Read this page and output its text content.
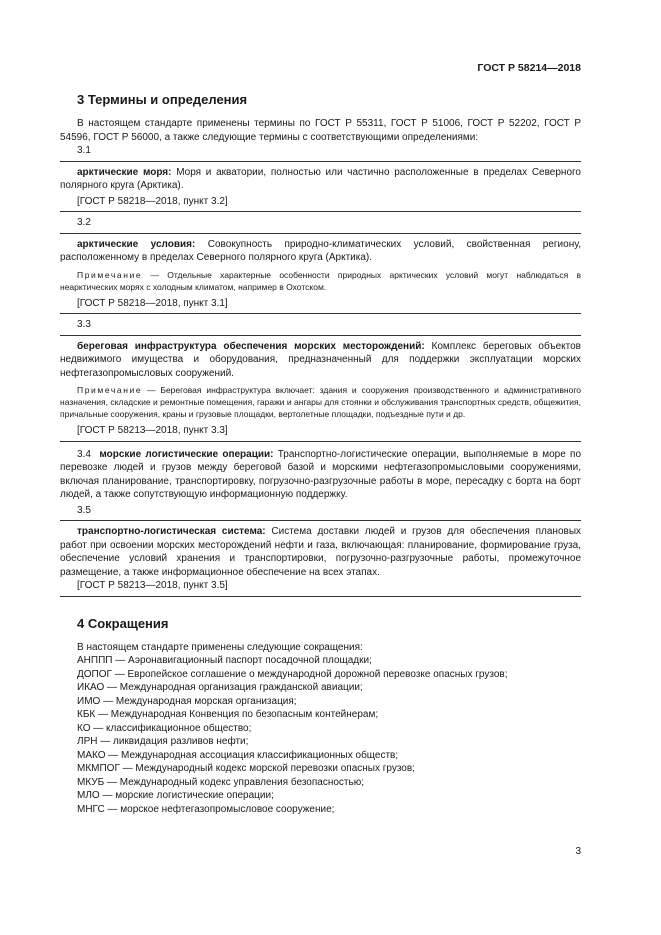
ГОСТ Р 58214—2018
3 Термины и определения

В настоящем стандарте применены термины по ГОСТ Р 55311, ГОСТ Р 51006, ГОСТ Р 52202, ГОСТ Р 54596, ГОСТ Р 56000, а также следующие термины с соответствующими определениями:

3.1

арктические моря: Моря и акватории, полностью или частично расположенные в пределах Северного полярного круга (Арктика).

[ГОСТ Р 58218—2018, пункт 3.2]
3.2

арктические условия: Совокупность природно-климатических условий, свойственная региону, расположенному в пределах Северного полярного круга (Арктика).

Примечание — Отдельные характерные особенности природных арктических условий могут наблюдаться в неарктических морях с холодным климатом, например в Охотском.

[ГОСТ Р 58218—2018, пункт 3.1]
3.3

береговая инфраструктура обеспечения морских месторождений: Комплекс береговых объектов недвижимого имущества и оборудования, предназначенный для поддержки эксплуатации морских нефтегазопромысловых сооружений.

Примечание — Береговая инфраструктура включает: здания и сооружения производственного и административного назначения, складские и ремонтные помещения, гаражи и ангары для стоянки и обслуживания транспортных средств, общежития, причальные сооружения, краны и грузовые площадки, вертолетные площадки, подъездные пути и др.

[ГОСТ Р 58213—2018, пункт 3.3]

3.4 морские логистические операции: Транспортно-логистические операции, выполняемые в море по перевозке людей и грузов между береговой базой и морскими нефтегазопромысловыми сооружениями, включая планирование, транспортировку, погрузочно-разгрузочные работы в море, пересадку с борта на борт людей, а также сопутствующую информационную поддержку.

3.5

транспортно-логистическая система: Система доставки людей и грузов для обеспечения плановых работ при освоении морских месторождений нефти и газа, включающая: планирование, формирование груза, обеспечение условий хранения и транспортировки, погрузочно-разгрузочные работы, промежуточное размещение, а также информационное обеспечение на всех этапах.

[ГОСТ Р 58213—2018, пункт 3.5]
4 Сокращения

В настоящем стандарте применены следующие сокращения:

АНППП — Аэронавигационный паспорт посадочной площадки;

ДОПОГ — Европейское соглашение о международной дорожной перевозке опасных грузов;

ИКАО — Международная организация гражданской авиации;

ИМО — Международная морская организация;

КБК — Международная Конвенция по безопасным контейнерам;

КО — классификационное общество;

ЛРН — ликвидация разливов нефти;

МАКО — Международная ассоциация классификационных обществ;

МКМПОГ — Международный кодекс морской перевозки опасных грузов;

МКУБ — Международный кодекс управления безопасностью;

МЛО — морские логистические операции;

МНГС — морское нефтегазопромысловое сооружение;

3
